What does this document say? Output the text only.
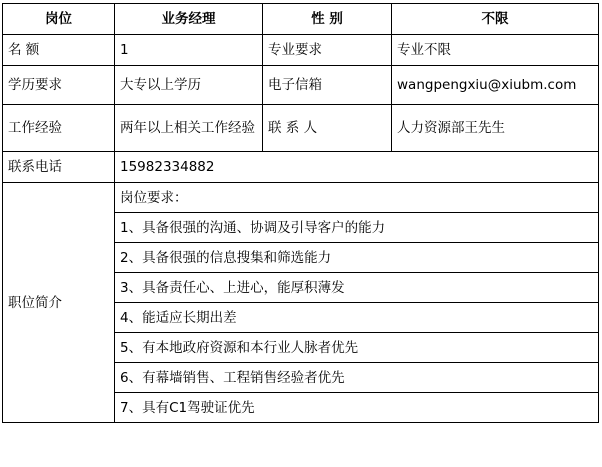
岗位	业务经理	性 别	不限
名 额	1	专业要求	专业不限
学历要求	大专以上学历	电子信箱	wangpengxiu@xiubm.com
工作经验	两年以上相关工作经验	联 系 人	人力资源部王先生
联系电话	15982334882		
职位简介	岗位要求：		
	1、具备很强的沟通、协调及引导客户的能力		
	2、具备很强的信息搜集和筛选能力		
	3、具备责任心、上进心，能厚积薄发		
	4、能适应长期出差		
	5、有本地政府资源和本行业人脉者优先		
	6、有幕墙销售、工程销售经验者优先		
	7、具有C1驾驶证优先		
